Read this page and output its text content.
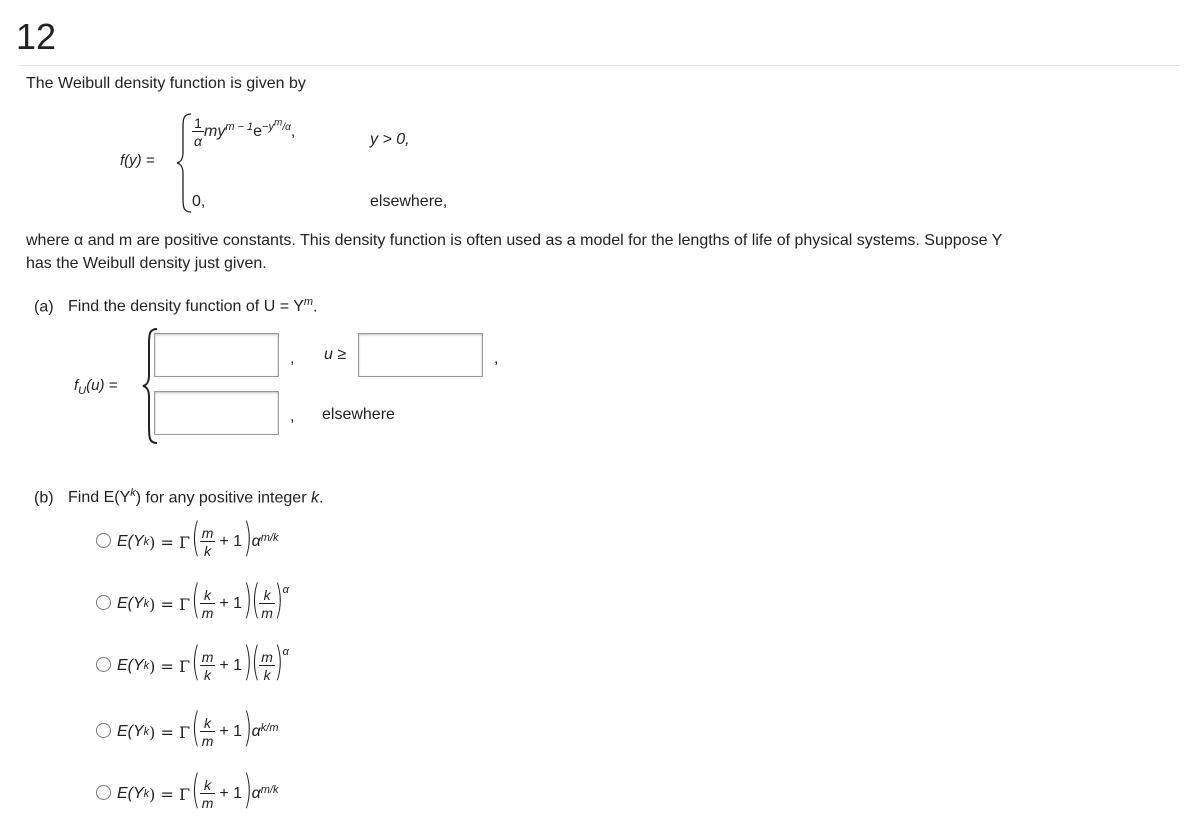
12
The Weibull density function is given by
f(y) =
$\frac{1}{\alpha} my^{m - 1}e^{-y^m/\alpha}$,	y > 0,
0,	elsewhere,
where α and m are positive constants. This density function is often used as a model for the lengths of life of physical systems. Suppose Y
has the Weibull density just given.
(a) Find the density function of $U = Y^m$.
$f_U(u)$ =
, u ≥	,
, elsewhere
(b) Find $E(Y^k)$ for any positive integer k.
E(Y k ) = Γ ( $\frac{m}{k} + 1$ ) $\alpha^{m/k}$
E(Y k ) = Γ ( $\frac{k}{m} + 1$ ) ( $\frac{k}{m} )^\alpha$
E(Y k ) = Γ ( $\frac{m}{k} + 1$ ) ( $\frac{m}{k} )^\alpha$
E(Y k ) = Γ ( $\frac{k}{m} + 1$ ) $\alpha^{k/m}$
E(Y k ) = Γ ( $\frac{k}{m} + 1$ ) $\alpha^{m/k}$
